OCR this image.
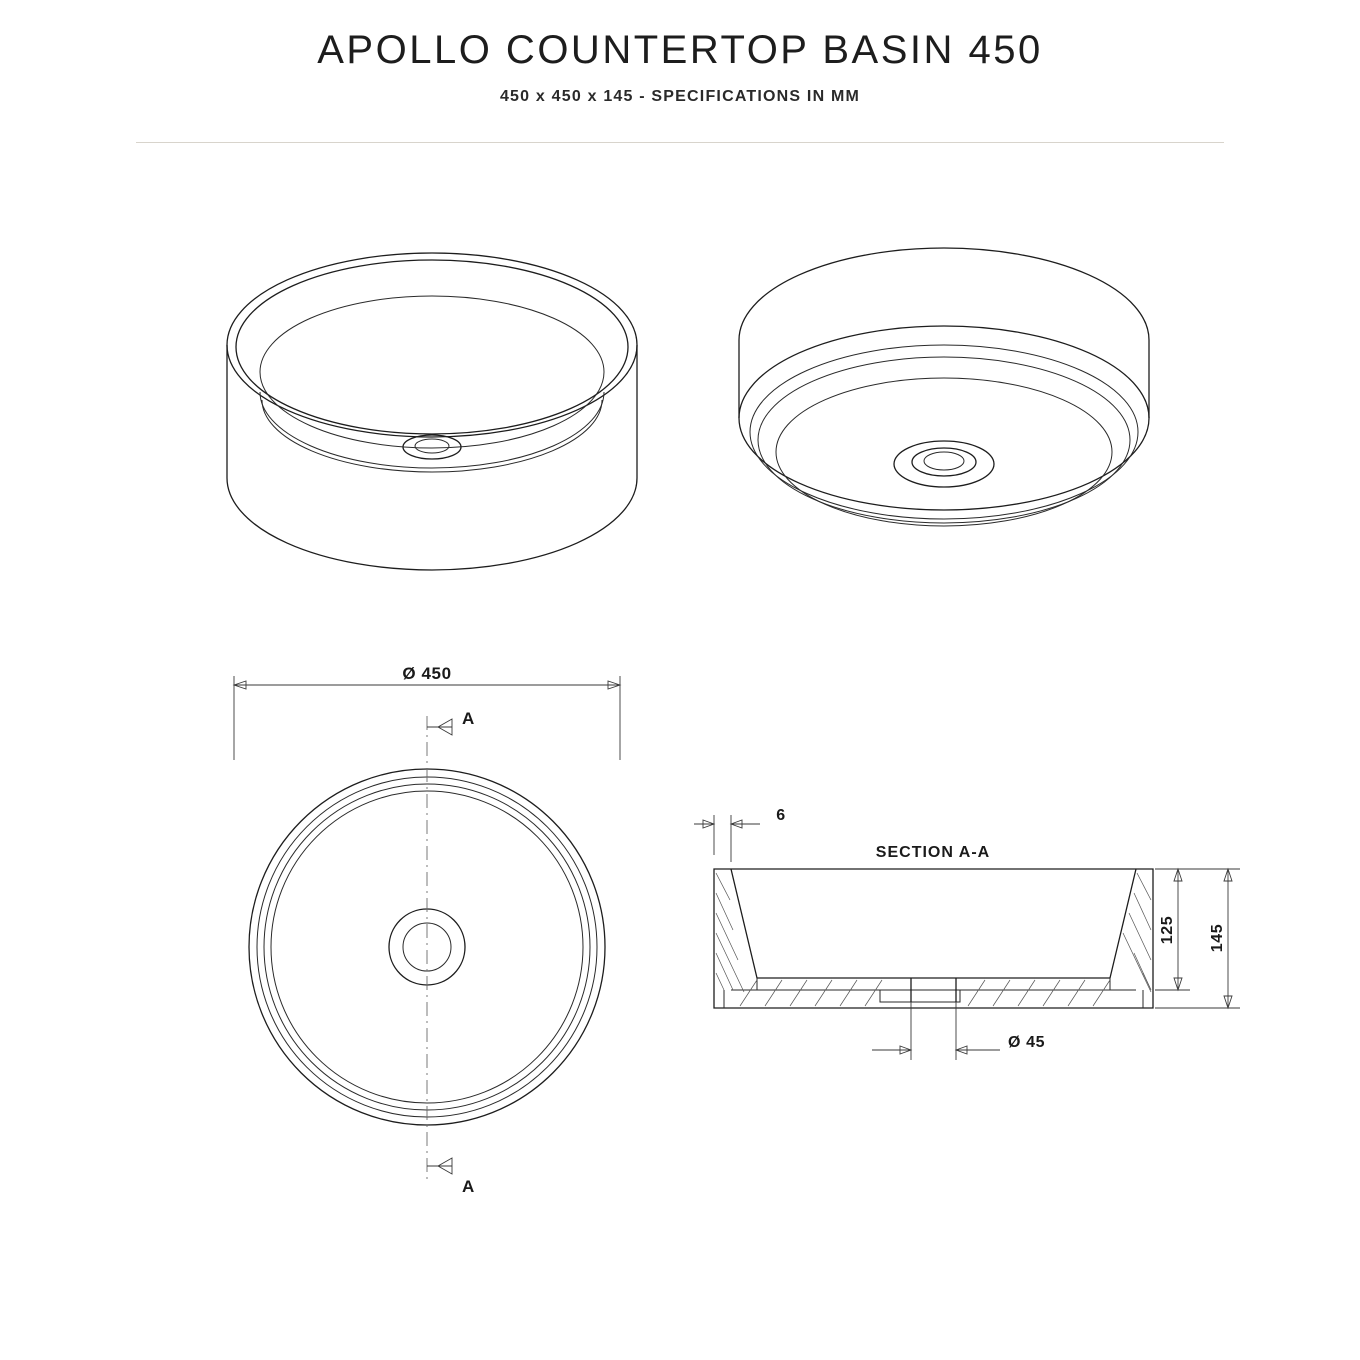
APOLLO COUNTERTOP BASIN 450
450 x 450 x 145 - SPECIFICATIONS IN MM
Ø 450
A
A
SECTION A-A
6
125 145
Ø 45
